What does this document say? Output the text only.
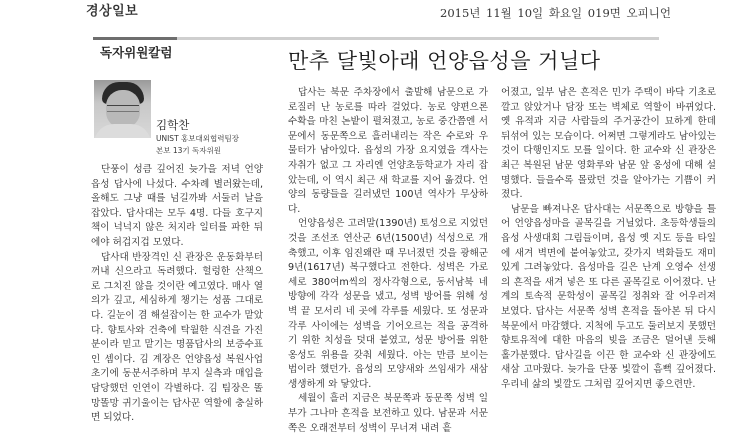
경상일보	2015년 11월 10일 화요일 019면 오피니언
독자위원칼럼	만추 달빛아래 언양읍성을 거닐다
김학찬
UNIST 홍보대외협력팀장
본보 13기 독자위원

단풍이 성큼 깊어진 늦가을 저녁 언양읍성 답사에 나섰다. 수차례 별러왔는데, 올해도 그냥 때를 넘길까봐 서둘러 날을 잡았다. 답사대는 모두 4명. 다들 호구지책이 넉넉지 않은 처지라 일터를 파한 뒤에야 허겁지겁 모였다.

답사대 반장격인 신 관장은 운동화부터 꺼내 신으라고 독려했다. 헐렁한 산책으로 그치진 않을 것이란 예고였다. 매사 열의가 깊고, 세심하게 챙기는 성품 그대로다. 길눈이 겸 해설잡이는 한 교수가 맡았다. 향토사와 건축에 탁월한 식견을 가진 분이라 믿고 맡기는 명품답사의 보증수표인 셈이다. 김 계장은 언양읍성 복원사업 초기에 동분서주하며 부지 실측과 매입을 담당했던 인연이 각별하다. 김 팀장은 똘망똘망 귀기울이는 답사꾼 역할에 충실하면 되었다.

답사는 북문 주차장에서 출발해 남문으로 가로질러 난 농로를 따라 걸었다. 농로 양편으론 수확을 마친 논밭이 펼쳐졌고, 농로 중간쯤엔 서문에서 동문쪽으로 흘러내리는 작은 수로와 우물터가 남아있다. 읍성의 가장 요지였을 객사는 자취가 없고 그 자리엔 언양초등학교가 자리 잡았는데, 이 역시 최근 새 학교를 지어 옮겼다. 언양의 동량들을 길러냈던 100년 역사가 무상하다.

언양읍성은 고려말(1390년) 토성으로 지었던 것을 조선조 연산군 6년(1500년) 석성으로 개축했고, 이후 임진왜란 때 무너졌던 것을 광해군 9년(1617년) 복구했다고 전한다. 성벽은 가로 세로 380여m씩의 정사각형으로, 동서남북 네 방향에 각각 성문을 냈고, 성벽 방어를 위해 성벽 끝 모서리 네 곳에 각루를 세웠다. 또 성문과 각루 사이에는 성벽을 기어오르는 적을 공격하기 위한 치성을 덧대 붙였고, 성문 방어를 위한 옹성도 위용을 갖춰 세웠다. 아는 만큼 보이는 법이라 했던가. 읍성의 모양새와 쓰임새가 새삼 생생하게 와 닿았다.

세월이 흘러 지금은 북문쪽과 동문쪽 성벽 일부가 그나마 흔적을 보전하고 있다. 남문과 서문쪽은 오래전부터 성벽이 무너져 내려 흩

어졌고, 일부 남은 흔적은 민가 주택이 바닥 기초로 깔고 앉았거나 담장 또는 벽체로 역할이 바뀌었다. 옛 유적과 지금 사람들의 주거공간이 묘하게 한데 뒤섞여 있는 모습이다. 어쩌면 그렇게라도 남아있는 것이 다행인지도 모를 일이다. 한 교수와 신 관장은 최근 복원된 남문 영화루와 남문 앞 옹성에 대해 설명했다. 들을수록 몰랐던 것을 알아가는 기쁨이 커졌다.

남문을 빠져나온 답사대는 서문쪽으로 방향을 틀어 언양읍성마을 골목길을 거닐었다. 초등학생들의 읍성 사생대회 그림들이며, 읍성 옛 지도 등을 타일에 새겨 벽면에 붙여놓았고, 갖가지 벽화들도 재미있게 그려놓았다. 읍성마을 길은 난계 오영수 선생의 흔적을 새겨 넣은 또 다른 골목길로 이어졌다. 난계의 토속적 문학성이 골목길 정취와 잘 어우러져 보였다. 답사는 서문쪽 성벽 흔적을 돌아본 뒤 다시 북문에서 마감했다. 지척에 두고도 둘러보지 못했던 향토유적에 대한 마음의 빚을 조금은 덜어낸 듯해 홀가분했다. 답사길을 이끈 한 교수와 신 관장에도 새삼 고마웠다. 늦가을 단풍 빛깔이 흠뻑 깊어졌다. 우리네 삶의 빛깔도 그처럼 깊어지면 좋으련만.
